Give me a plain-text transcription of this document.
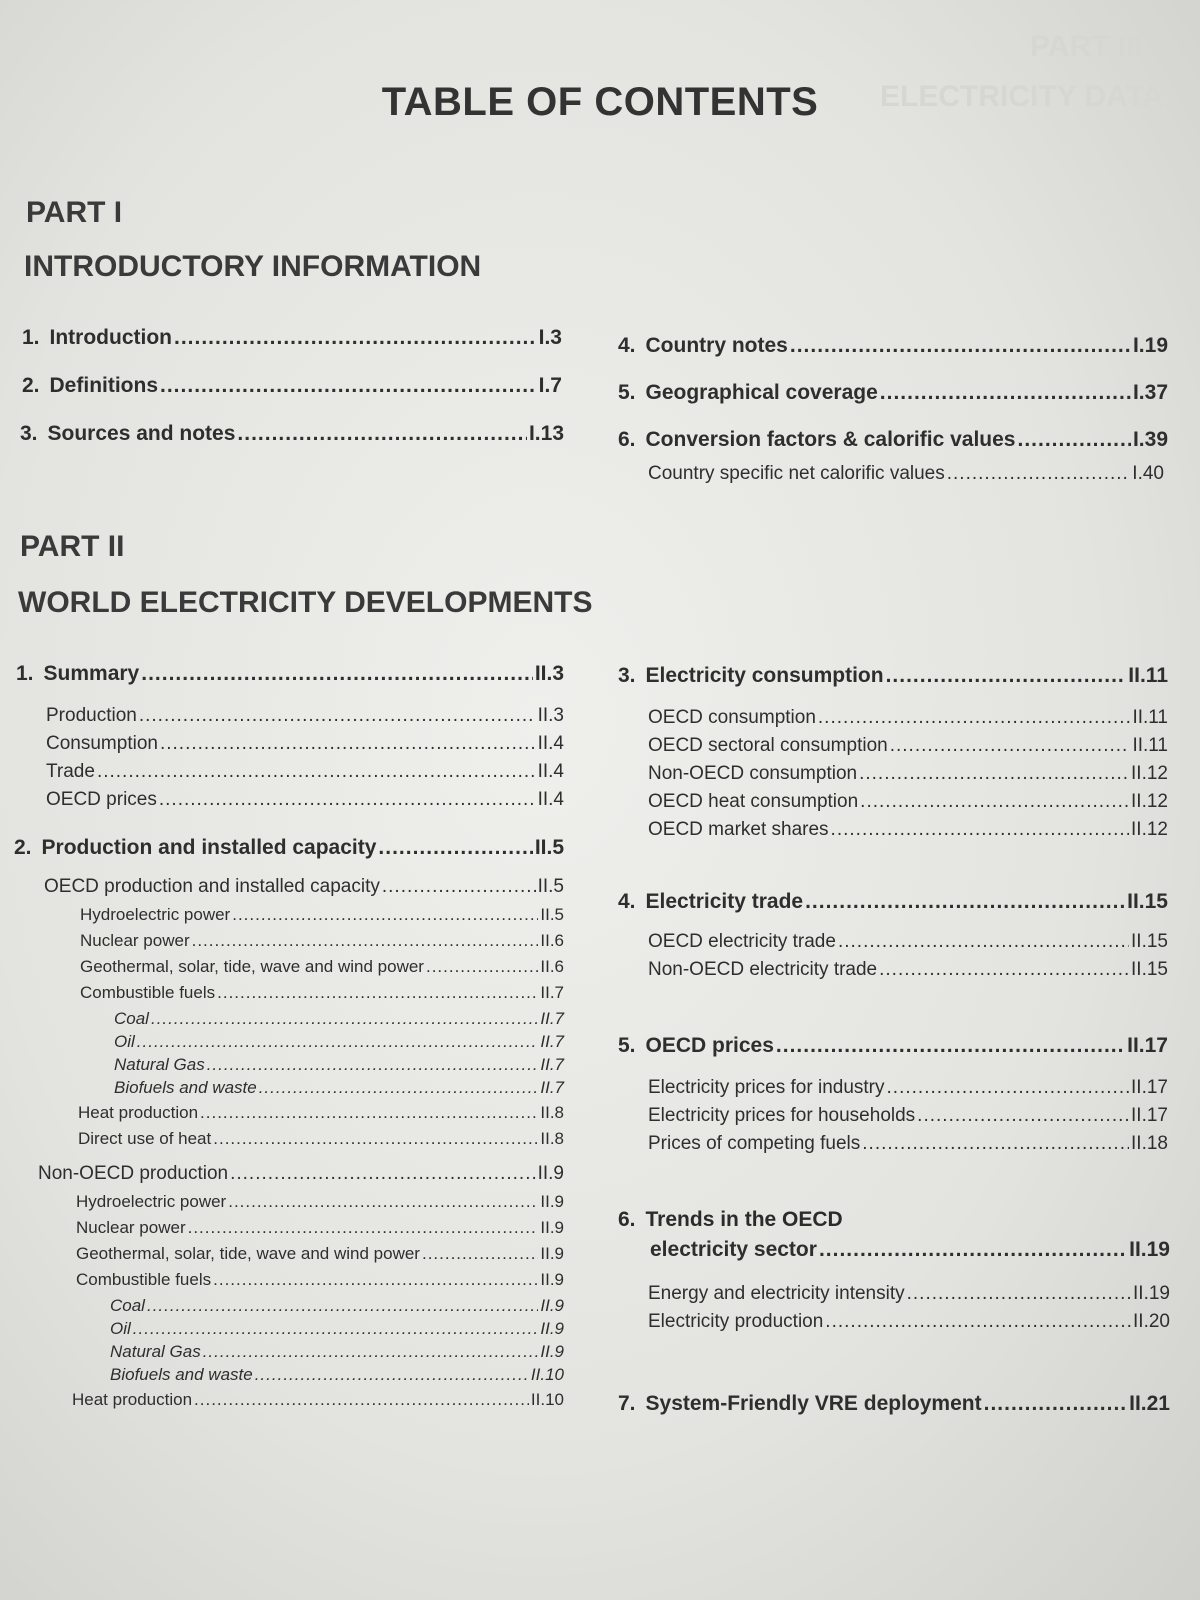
PART III
ELECTRICITY DATA
TABLE OF CONTENTS
PART I
INTRODUCTORY INFORMATION
1. Introduction .....	I.3
2. Definitions .....	I.7
3. Sources and notes .....	I.13
4. Country notes .....	I.19
5. Geographical coverage .....	I.37
6. Conversion factors & calorific values .....	I.39
Country specific net calorific values .....	I.40
PART II
WORLD ELECTRICITY DEVELOPMENTS
1. Summary .....	II.3
Production .....	II.3
Consumption .....	II.4
Trade .....	II.4
OECD prices .....	II.4
2. Production and installed capacity .....	II.5
OECD production and installed capacity .....	II.5
Hydroelectric power .....	II.5
Nuclear power .....	II.6
Geothermal, solar, tide, wave and wind power .....	II.6
Combustible fuels .....	II.7
Coal .....	II.7
Oil .....	II.7
Natural Gas .....	II.7
Biofuels and waste .....	II.7
Heat production .....	II.8
Direct use of heat .....	II.8
Non-OECD production .....	II.9
Hydroelectric power .....	II.9
Nuclear power .....	II.9
Geothermal, solar, tide, wave and wind power .....	II.9
Combustible fuels .....	II.9
Coal .....	II.9
Oil .....	II.9
Natural Gas .....	II.9
Biofuels and waste .....	II.10
Heat production .....	II.10
3. Electricity consumption .....	II.11
OECD consumption .....	II.11
OECD sectoral consumption .....	II.11
Non-OECD consumption .....	II.12
OECD heat consumption .....	II.12
OECD market shares .....	II.12
4. Electricity trade .....	II.15
OECD electricity trade .....	II.15
Non-OECD electricity trade .....	II.15
5. OECD prices .....	II.17
Electricity prices for industry .....	II.17
Electricity prices for households .....	II.17
Prices of competing fuels .....	II.18
6. Trends in the OECD
electricity sector .....	II.19
Energy and electricity intensity .....	II.19
Electricity production .....	II.20
7. System-Friendly VRE deployment .....	II.21
